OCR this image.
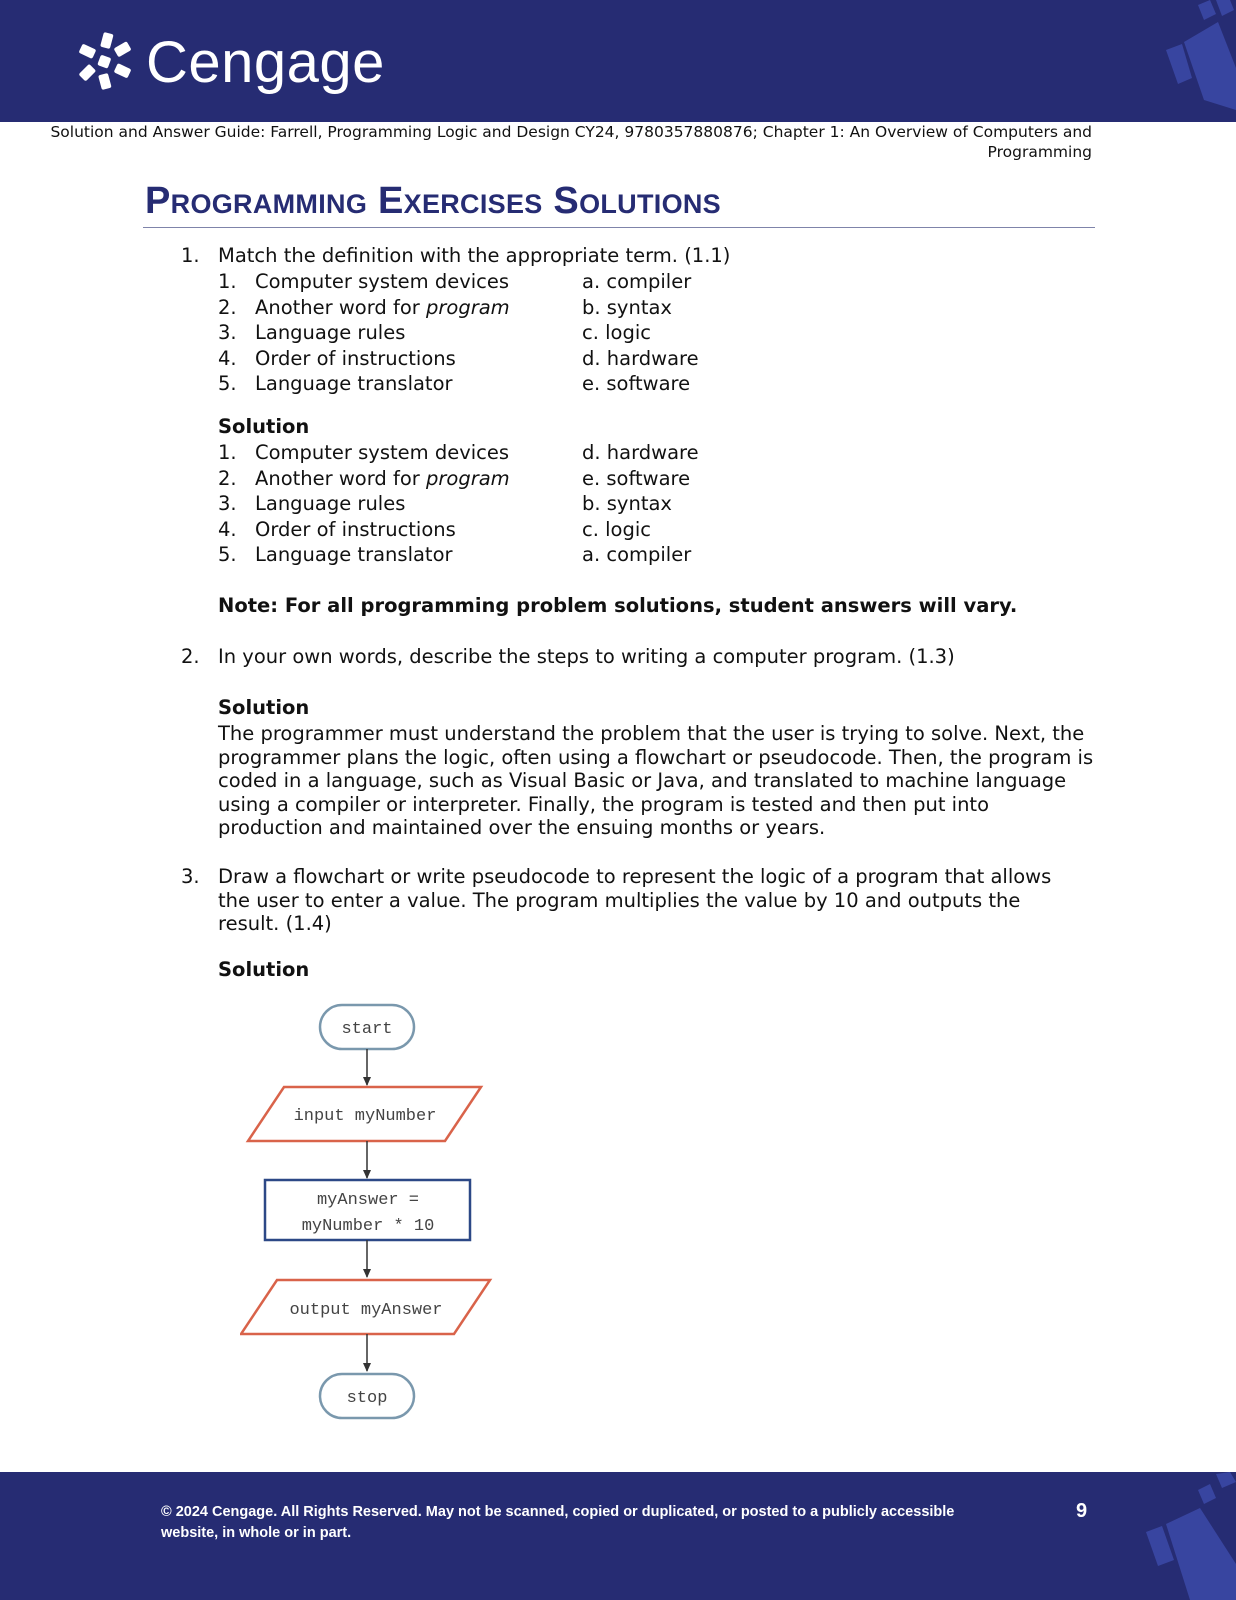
Cengage
Solution and Answer Guide: Farrell, Programming Logic and Design CY24, 9780357880876; Chapter 1: An Overview of Computers and
Programming
Programming Exercises Solutions
1. Match the definition with the appropriate term. (1.1)
1. Computer system devices	a. compiler
2. Another word for program	b. syntax
3. Language rules	c. logic
4. Order of instructions	d. hardware
5. Language translator	e. software
Solution
1. Computer system devices	d. hardware
2. Another word for program	e. software
3. Language rules	b. syntax
4. Order of instructions	c. logic
5. Language translator	a. compiler
Note: For all programming problem solutions, student answers will vary.
2. In your own words, describe the steps to writing a computer program. (1.3)
Solution
The programmer must understand the problem that the user is trying to solve. Next, the programmer plans the logic, often using a flowchart or pseudocode. Then, the program is coded in a language, such as Visual Basic or Java, and translated to machine language using a compiler or interpreter. Finally, the program is tested and then put into production and maintained over the ensuing months or years.
3. Draw a flowchart or write pseudocode to represent the logic of a program that allows the user to enter a value. The program multiplies the value by 10 and outputs the result. (1.4)
Solution
start
input myNumber
myAnswer =
myNumber * 10
output myAnswer
stop
© 2024 Cengage. All Rights Reserved. May not be scanned, copied or duplicated, or posted to a publicly accessible website, in whole or in part.
9
